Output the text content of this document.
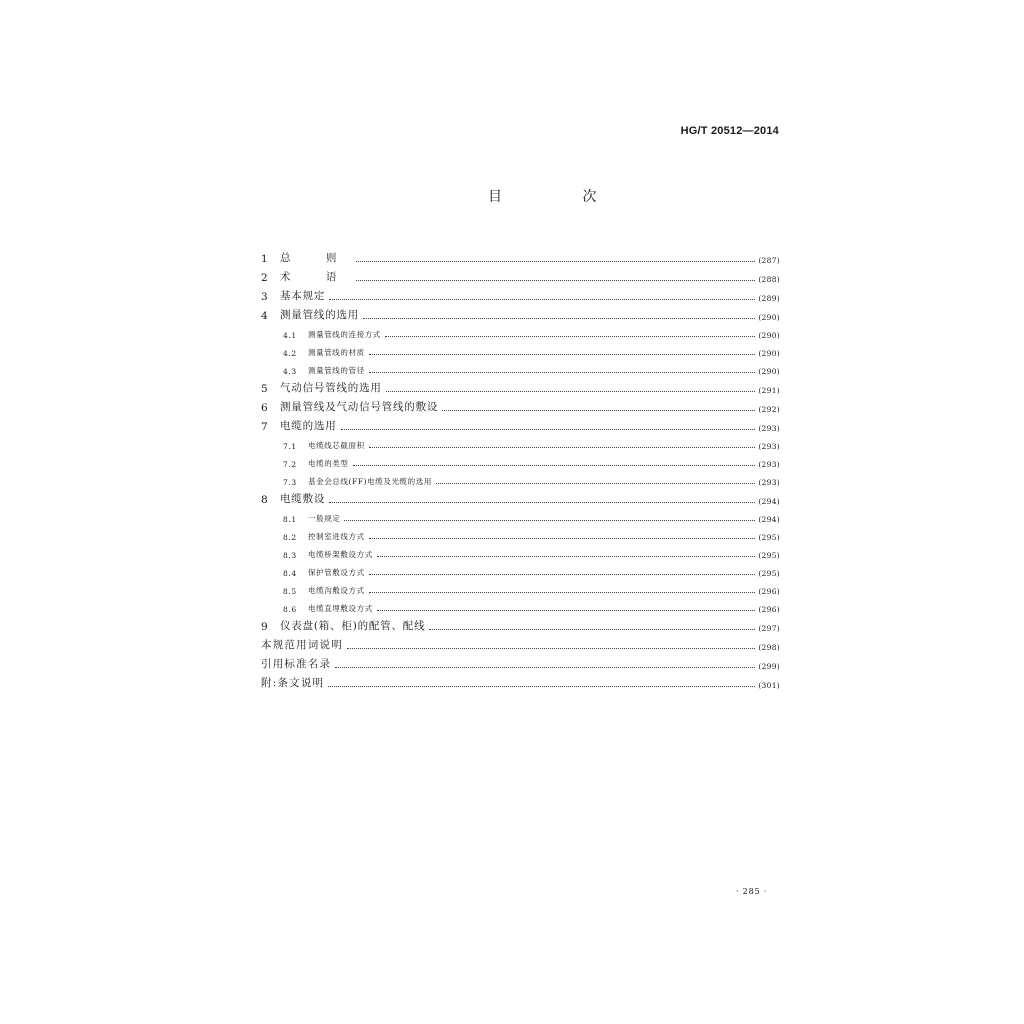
HG/T 20512—2014
目 次
1	总 则	( 287 )
2	术 语	( 288 )
3	基本规定	( 289 )
4	测量管线的选用	( 290 )
4.1	测量管线的连接方式	( 290 )
4.2	测量管线的材质	( 290 )
4.3	测量管线的管径	( 290 )
5	气动信号管线的选用	( 291 )
6	测量管线及气动信号管线的敷设	( 292 )
7	电缆的选用	( 293 )
7.1	电缆线芯截面积	( 293 )
7.2	电缆的类型	( 293 )
7.3	基金会总线(FF)电缆及光缆的选用	( 293 )
8	电缆敷设	( 294 )
8.1	一般规定	( 294 )
8.2	控制室进线方式	( 295 )
8.3	电缆桥架敷设方式	( 295 )
8.4	保护管敷设方式	( 295 )
8.5	电缆沟敷设方式	( 296 )
8.6	电缆直埋敷设方式	( 296 )
9	仪表盘(箱、柜)的配管、配线	( 297 )
本规范用词说明	( 298 )
引用标准名录	( 299 )
附:条文说明	( 301 )
· 285 ·
